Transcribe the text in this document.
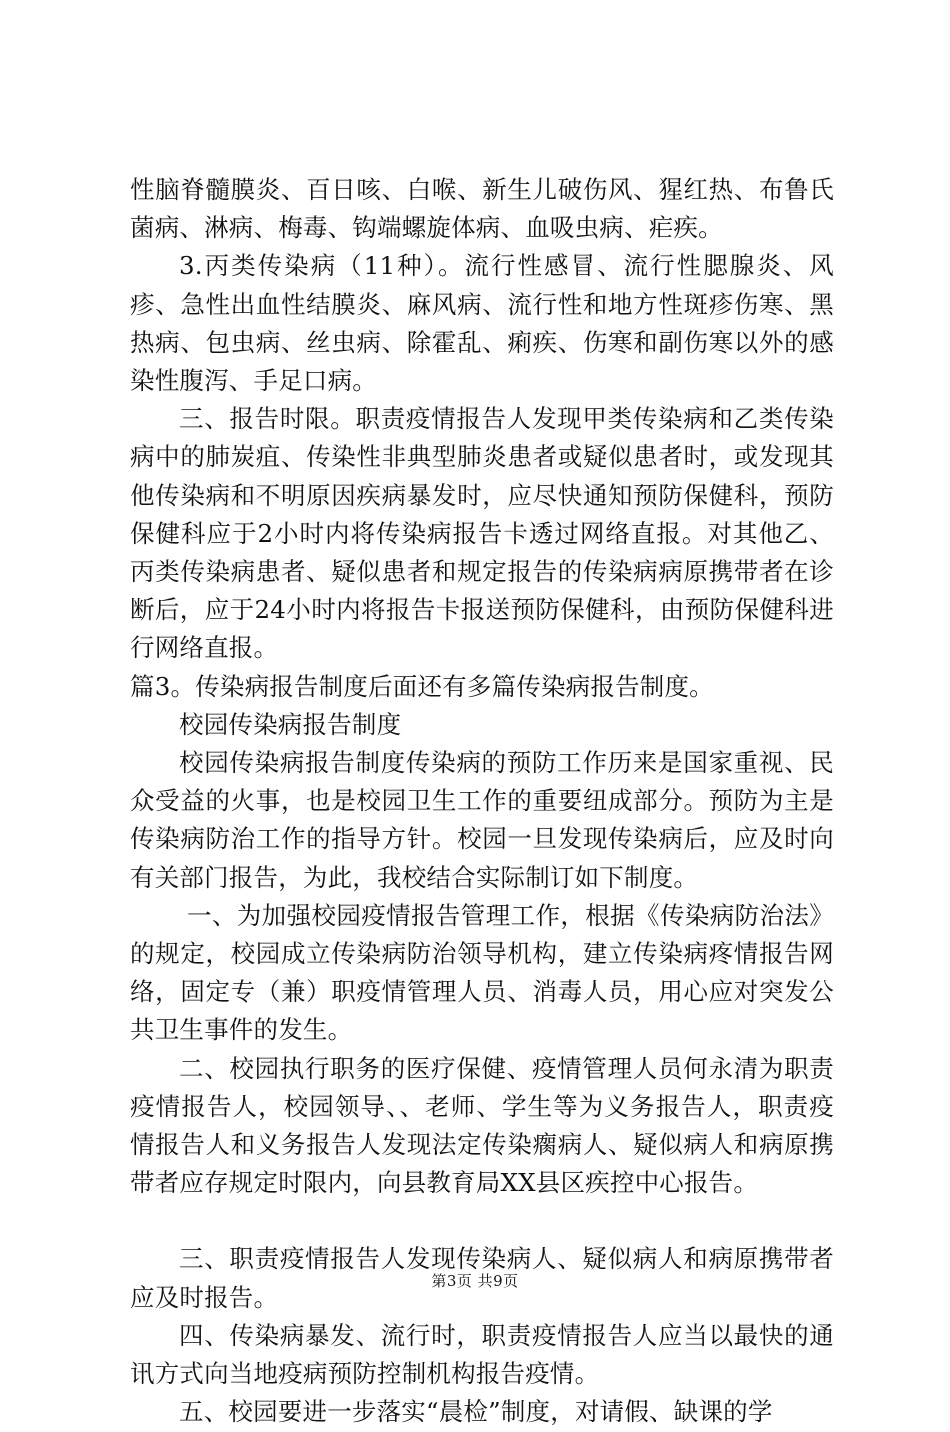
性脑脊髓膜炎、百日咳、白喉、新生儿破伤风、猩红热、布鲁氏菌病、淋病、梅毒、钩端螺旋体病、血吸虫病、疟疾。

3.丙类传染病（11种）。流行性感冒、流行性腮腺炎、风疹、急性出血性结膜炎、麻风病、流行性和地方性斑疹伤寒、黑热病、包虫病、丝虫病、除霍乱、痢疾、伤寒和副伤寒以外的感染性腹泻、手足口病。

三、报告时限。职责疫情报告人发现甲类传染病和乙类传染病中的肺炭疽、传染性非典型肺炎患者或疑似患者时，或发现其他传染病和不明原因疾病暴发时，应尽快通知预防保健科，预防保健科应于2小时内将传染病报告卡透过网络直报。对其他乙、丙类传染病患者、疑似患者和规定报告的传染病病原携带者在诊断后，应于24小时内将报告卡报送预防保健科，由预防保健科进行网络直报。

篇3。传染病报告制度后面还有多篇传染病报告制度。

校园传染病报告制度

校园传染病报告制度传染病的预防工作历来是国家重视、民众受益的火事，也是校园卫生工作的重要纽成部分。预防为主是传染病防治工作的指导方针。校园一旦发现传染病后，应及时向有关部门报告，为此，我校结合实际制订如下制度。

一、为加强校园疫情报告管理工作，根据《传染病防治法》的规定，校园成立传染病防治领导机构，建立传染病疼情报告网络，固定专（兼）职疫情管理人员、消毒人员，用心应对突发公共卫生事件的发生。

二、校园执行职务的医疗保健、疫情管理人员何永清为职责疫情报告人，校园领导、、老师、学生等为义务报告人，职责疫情报告人和义务报告人发现法定传染瘸病人、疑似病人和病原携带者应存规定时限内，向县教育局XX县区疾控中心报告。

三、职责疫情报告人发现传染病人、疑似病人和病原携带者应及时报告。

四、传染病暴发、流行时，职责疫情报告人应当以最快的通讯方式向当地疫病预防控制机构报告疫情。

五、校园要进一步落实“晨检”制度，对请假、缺课的学

第3页 共9页
